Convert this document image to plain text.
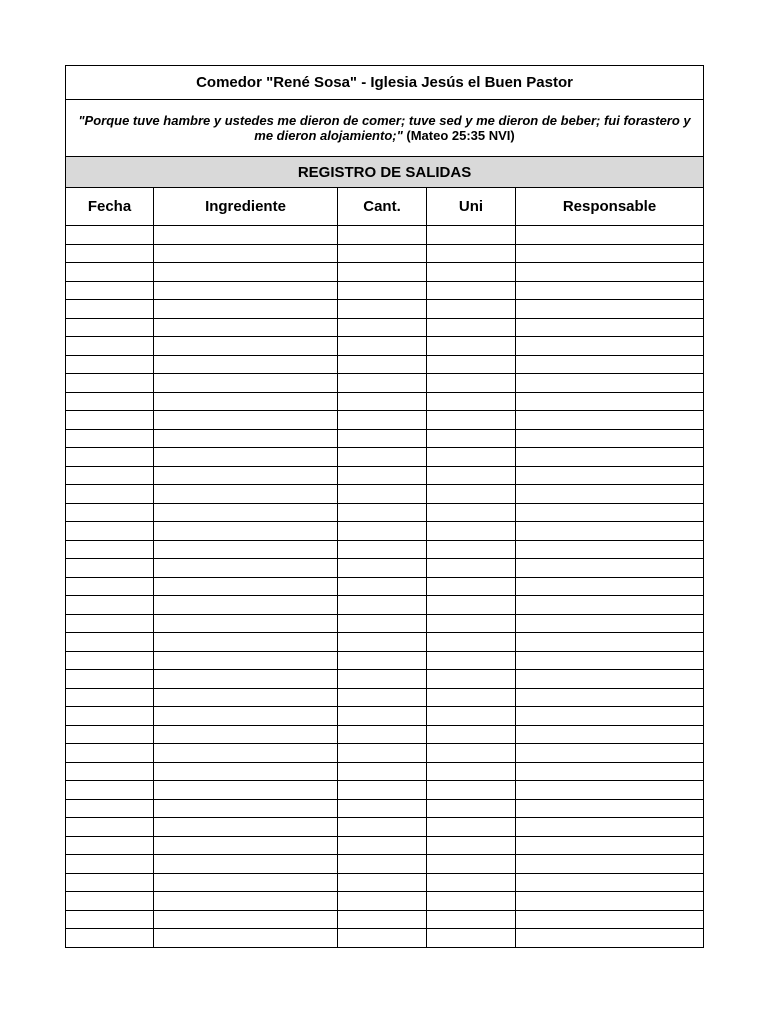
Comedor "René Sosa" - Iglesia Jesús el Buen Pastor				
"Porque tuve hambre y ustedes me dieron de comer; tuve sed y me dieron de beber; fui forastero y me dieron alojamiento;" (Mateo 25:35 NVI)				
REGISTRO DE SALIDAS				
Fecha	Ingrediente	Cant.	Uni	Responsable
